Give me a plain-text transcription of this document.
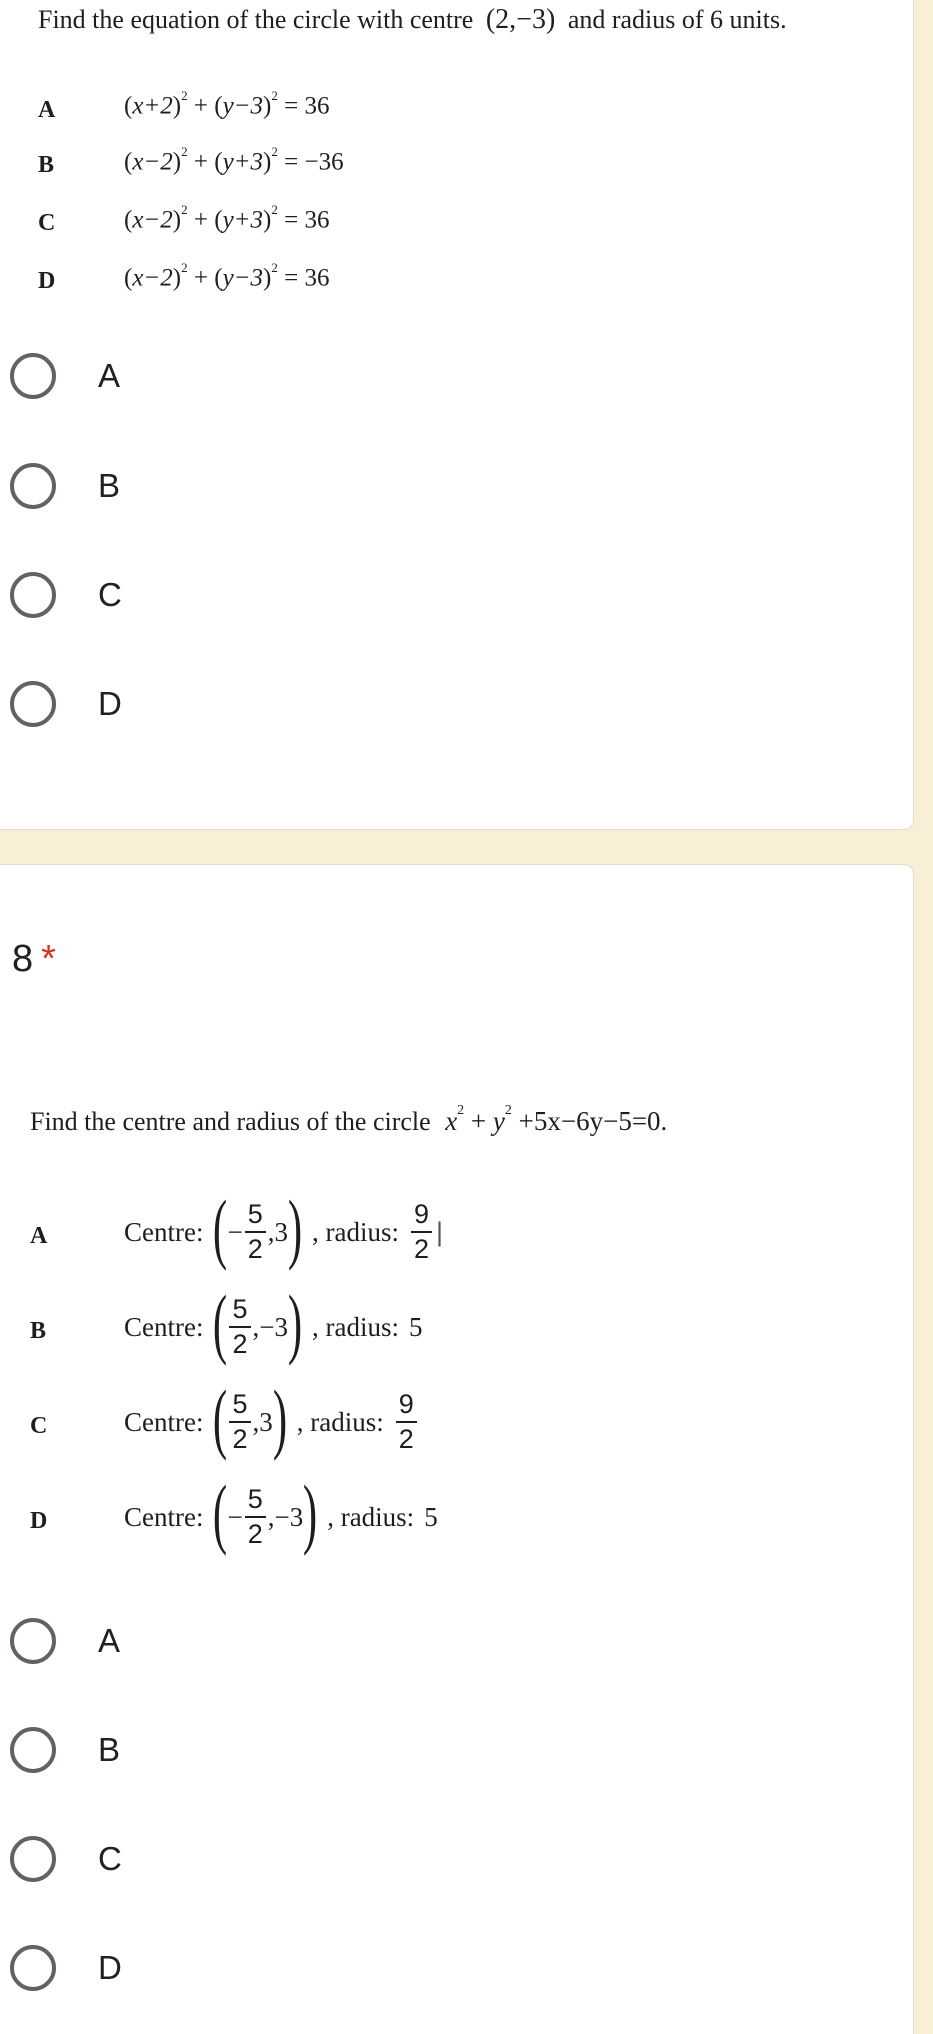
Find the equation of the circle with centre (2,−3) and radius of 6 units.
A	$(x+2)^2 + (y-3)^2 = 36$
B	$(x-2)^2 + (y+3)^2 = -36$
C	$(x-2)^2 + (y+3)^2 = 36$
D	$(x-2)^2 + (y-3)^2 = 36$
A
B
C
D
8 *
Find the centre and radius of the circle $x^2 + y^2 +5x-6y-5=0$.
A	Centre: ( − $\frac{5}{2} ,3$ ) , radius: $\frac{9}{2}$ |
B	Centre: ( $\frac{5}{2} ,-3$ ) , radius: 5
C	Centre: ( $\frac{5}{2} ,3$ ) , radius: $\frac{9}{2}$
D	Centre: ( − $\frac{5}{2} ,-3$ ) , radius: 5
A
B
C
D
